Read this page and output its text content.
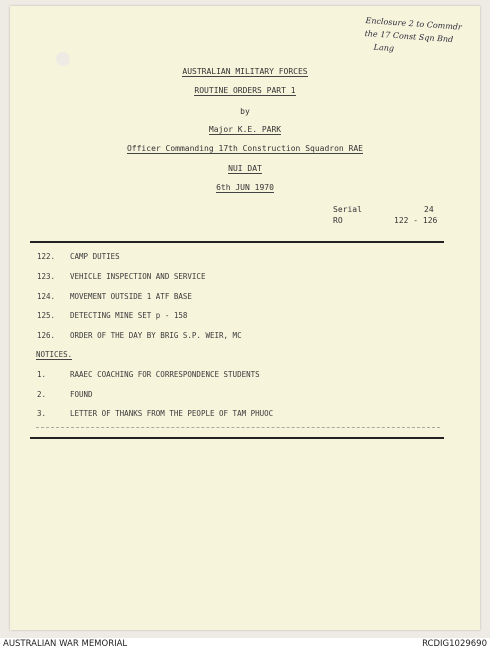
Enclosure 2 to Commdr
the 17 Const Sqn Bnd
Lang
AUSTRALIAN MILITARY FORCES
ROUTINE ORDERS PART 1
by
Major K.E. PARK
Officer Commanding 17th Construction Squadron RAE
NUI DAT
6th JUN 1970
Serial	24
RO	122 - 126
122. CAMP DUTIES
123. VEHICLE INSPECTION AND SERVICE
124. MOVEMENT OUTSIDE 1 ATF BASE
125. DETECTING MINE SET p - 158
126. ORDER OF THE DAY BY BRIG S.P. WEIR, MC
NOTICES.
1.	RAAEC COACHING FOR CORRESPONDENCE STUDENTS
2.	FOUND
3.	LETTER OF THANKS FROM THE PEOPLE OF TAM PHUOC
AUSTRALIAN WAR MEMORIAL	RCDIG1029690
